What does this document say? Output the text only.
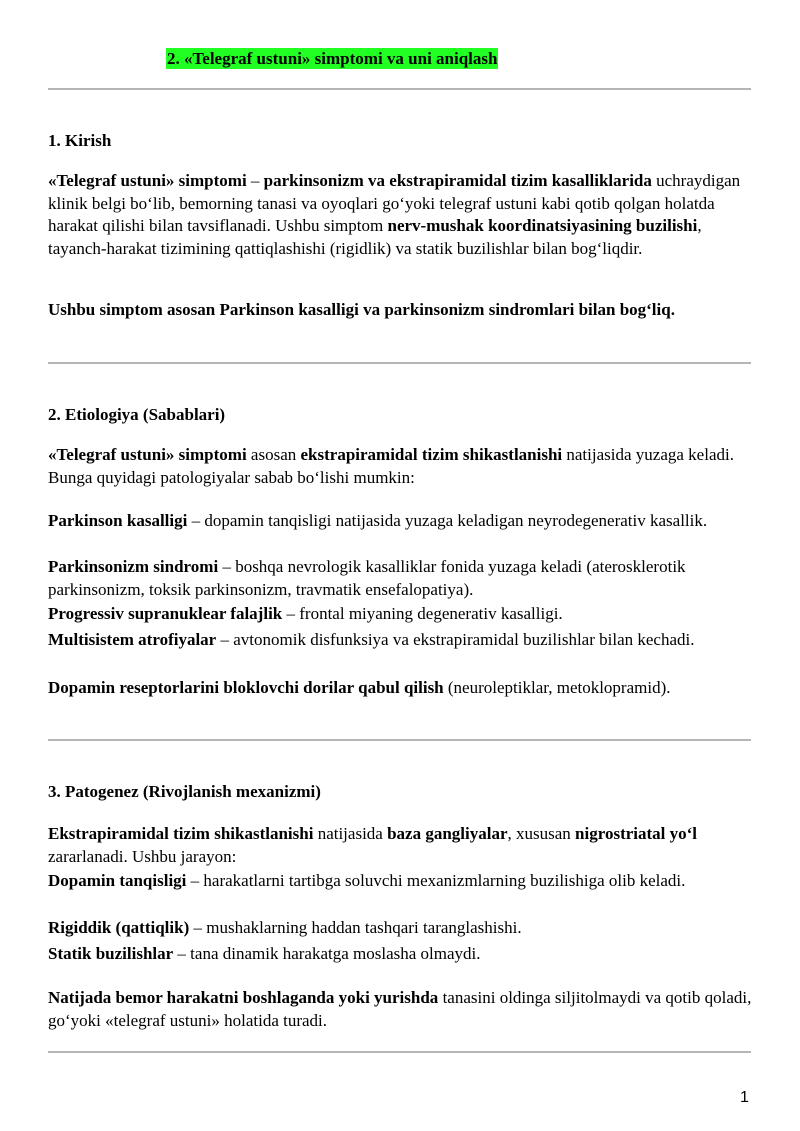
2. «Telegraf ustuni» simptomi va uni aniqlash

1. Kirish

«Telegraf ustuni» simptomi – parkinsonizm va ekstrapiramidal tizim kasalliklarida uchraydigan klinik belgi bo‘lib, bemorning tanasi va oyoqlari go‘yoki telegraf ustuni kabi qotib qolgan holatda harakat qilishi bilan tavsiflanadi. Ushbu simptom nerv-mushak koordinatsiyasining buzilishi, tayanch-harakat tizimining qattiqlashishi (rigidlik) va statik buzilishlar bilan bog‘liqdir.

Ushbu simptom asosan Parkinson kasalligi va parkinsonizm sindromlari bilan bog‘liq.

2. Etiologiya (Sabablari)

«Telegraf ustuni» simptomi asosan ekstrapiramidal tizim shikastlanishi natijasida yuzaga keladi. Bunga quyidagi patologiyalar sabab bo‘lishi mumkin:

Parkinson kasalligi – dopamin tanqisligi natijasida yuzaga keladigan neyrodegenerativ kasallik.

Parkinsonizm sindromi – boshqa nevrologik kasalliklar fonida yuzaga keladi (aterosklerotik parkinsonizm, toksik parkinsonizm, travmatik ensefalopatiya).

Progressiv supranuklear falajlik – frontal miyaning degenerativ kasalligi.

Multisistem atrofiyalar – avtonomik disfunksiya va ekstrapiramidal buzilishlar bilan kechadi.

Dopamin reseptorlarini bloklovchi dorilar qabul qilish (neuroleptiklar, metoklopramid).

3. Patogenez (Rivojlanish mexanizmi)

Ekstrapiramidal tizim shikastlanishi natijasida baza gangliyalar, xususan nigrostriatal yo‘l zararlanadi. Ushbu jarayon:

Dopamin tanqisligi – harakatlarni tartibga soluvchi mexanizmlarning buzilishiga olib keladi.

Rigiddik (qattiqlik) – mushaklarning haddan tashqari taranglashishi.

Statik buzilishlar – tana dinamik harakatga moslasha olmaydi.

Natijada bemor harakatni boshlaganda yoki yurishda tanasini oldinga siljitolmaydi va qotib qoladi, go‘yoki «telegraf ustuni» holatida turadi.

1
